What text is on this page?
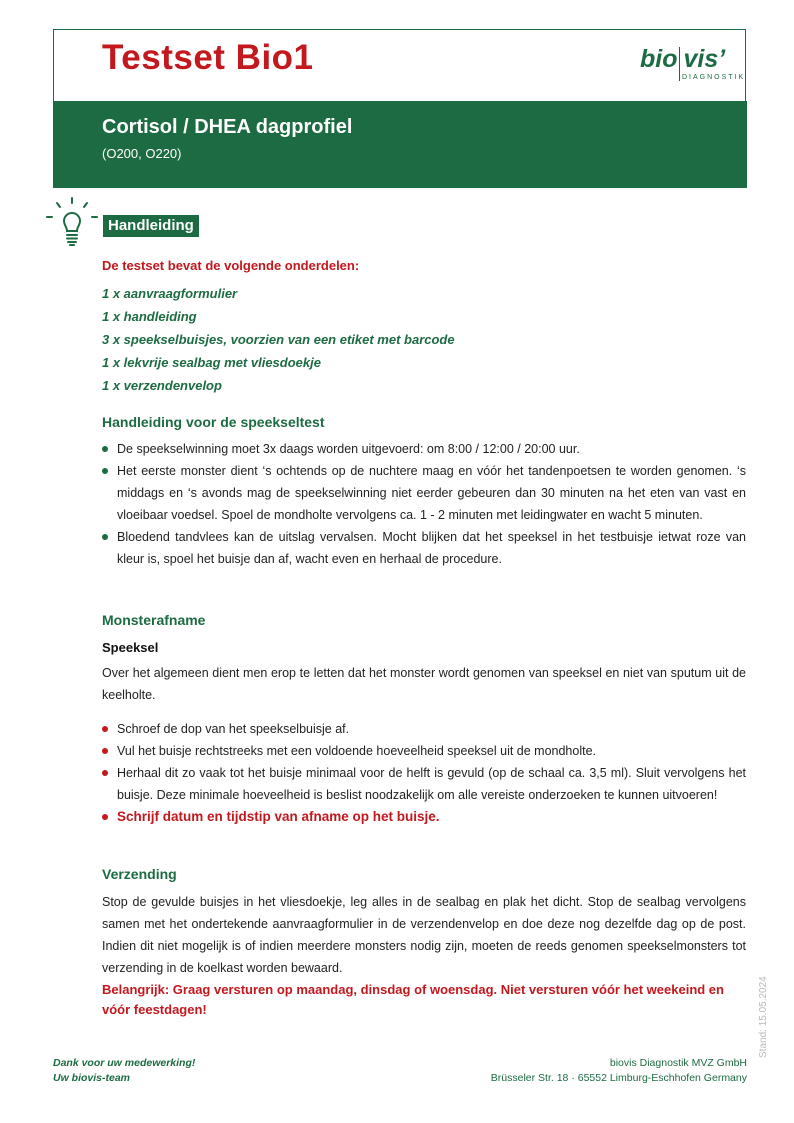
Testset Bio1	bio vis’
DIAGNOSTIK
Cortisol / DHEA dagprofiel
(O200, O220)
Handleiding
De testset bevat de volgende onderdelen:
1 x aanvraagformulier
1 x handleiding
3 x speekselbuisjes, voorzien van een etiket met barcode
1 x lekvrije sealbag met vliesdoekje
1 x verzendenvelop
Handleiding voor de speekseltest
De speekselwinning moet 3x daags worden uitgevoerd: om 8:00 / 12:00 / 20:00 uur.
Het eerste monster dient ‘s ochtends op de nuchtere maag en vóór het tandenpoetsen te worden genomen. ‘s middags en ‘s avonds mag de speekselwinning niet eerder gebeuren dan 30 minuten na het eten van vast en vloeibaar voedsel. Spoel de mondholte vervolgens ca. 1 - 2 minuten met leidingwater en wacht 5 minuten.
Bloedend tandvlees kan de uitslag vervalsen. Mocht blijken dat het speeksel in het testbuisje ietwat roze van kleur is, spoel het buisje dan af, wacht even en herhaal de procedure.
Monsterafname
Speeksel
Over het algemeen dient men erop te letten dat het monster wordt genomen van speeksel en niet van sputum uit de keelholte.
Schroef de dop van het speekselbuisje af.
Vul het buisje rechtstreeks met een voldoende hoeveelheid speeksel uit de mondholte.
Herhaal dit zo vaak tot het buisje minimaal voor de helft is gevuld (op de schaal ca. 3,5 ml). Sluit vervolgens het buisje. Deze minimale hoeveelheid is beslist noodzakelijk om alle vereiste onderzoeken te kunnen uitvoeren!
Schrijf datum en tijdstip van afname op het buisje.
Verzending
Stop de gevulde buisjes in het vliesdoekje, leg alles in de sealbag en plak het dicht. Stop de sealbag vervolgens samen met het ondertekende aanvraagformulier in de verzendenvelop en doe deze nog dezelfde dag op de post. Indien dit niet mogelijk is of indien meerdere monsters nodig zijn, moeten de reeds genomen speekselmonsters tot verzending in de koelkast worden bewaard.
Belangrijk: Graag versturen op maandag, dinsdag of woensdag. Niet versturen vóór het weekeind en vóór feestdagen!
Dank voor uw medewerking!
Uw biovis-team
biovis Diagnostik MVZ GmbH
Brüsseler Str. 18 · 65552 Limburg-Eschhofen Germany
Stand: 15.05.2024
